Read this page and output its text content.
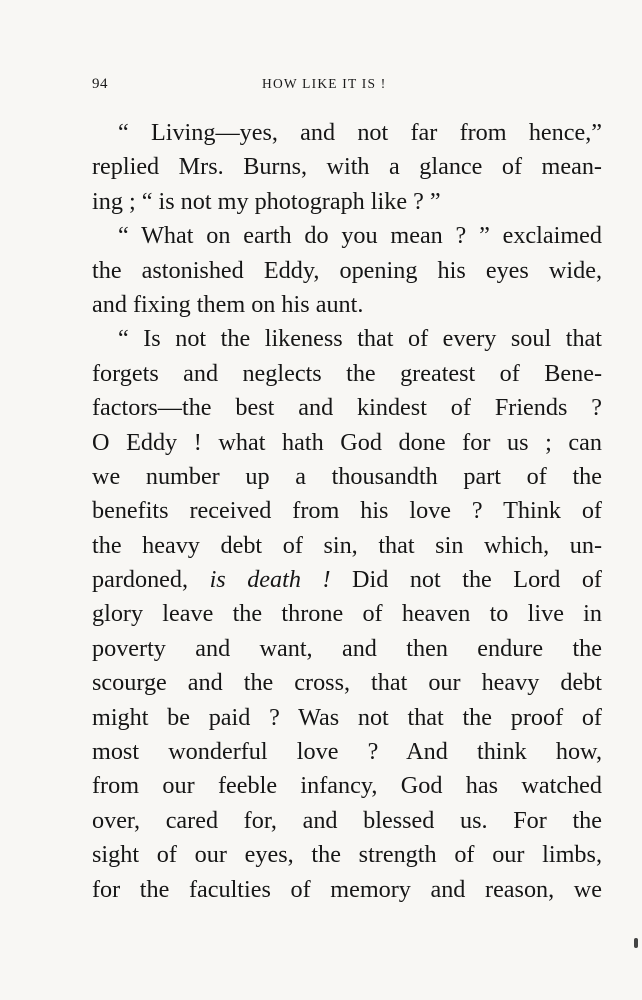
94	HOW LIKE IT IS !
“ Living—yes, and not far from hence,”
replied Mrs. Burns, with a glance of mean-
ing ; “ is not my photograph like ? ”
“ What on earth do you mean ? ” exclaimed
the astonished Eddy, opening his eyes wide,
and fixing them on his aunt.
“ Is not the likeness that of every soul that
forgets and neglects the greatest of Bene-
factors—the best and kindest of Friends ?
O Eddy ! what hath God done for us ; can
we number up a thousandth part of the
benefits received from his love ? Think of
the heavy debt of sin, that sin which, un-
pardoned, is death ! Did not the Lord of
glory leave the throne of heaven to live in
poverty and want, and then endure the
scourge and the cross, that our heavy debt
might be paid ? Was not that the proof of
most wonderful love ? And think how,
from our feeble infancy, God has watched
over, cared for, and blessed us. For the
sight of our eyes, the strength of our limbs,
for the faculties of memory and reason, we
